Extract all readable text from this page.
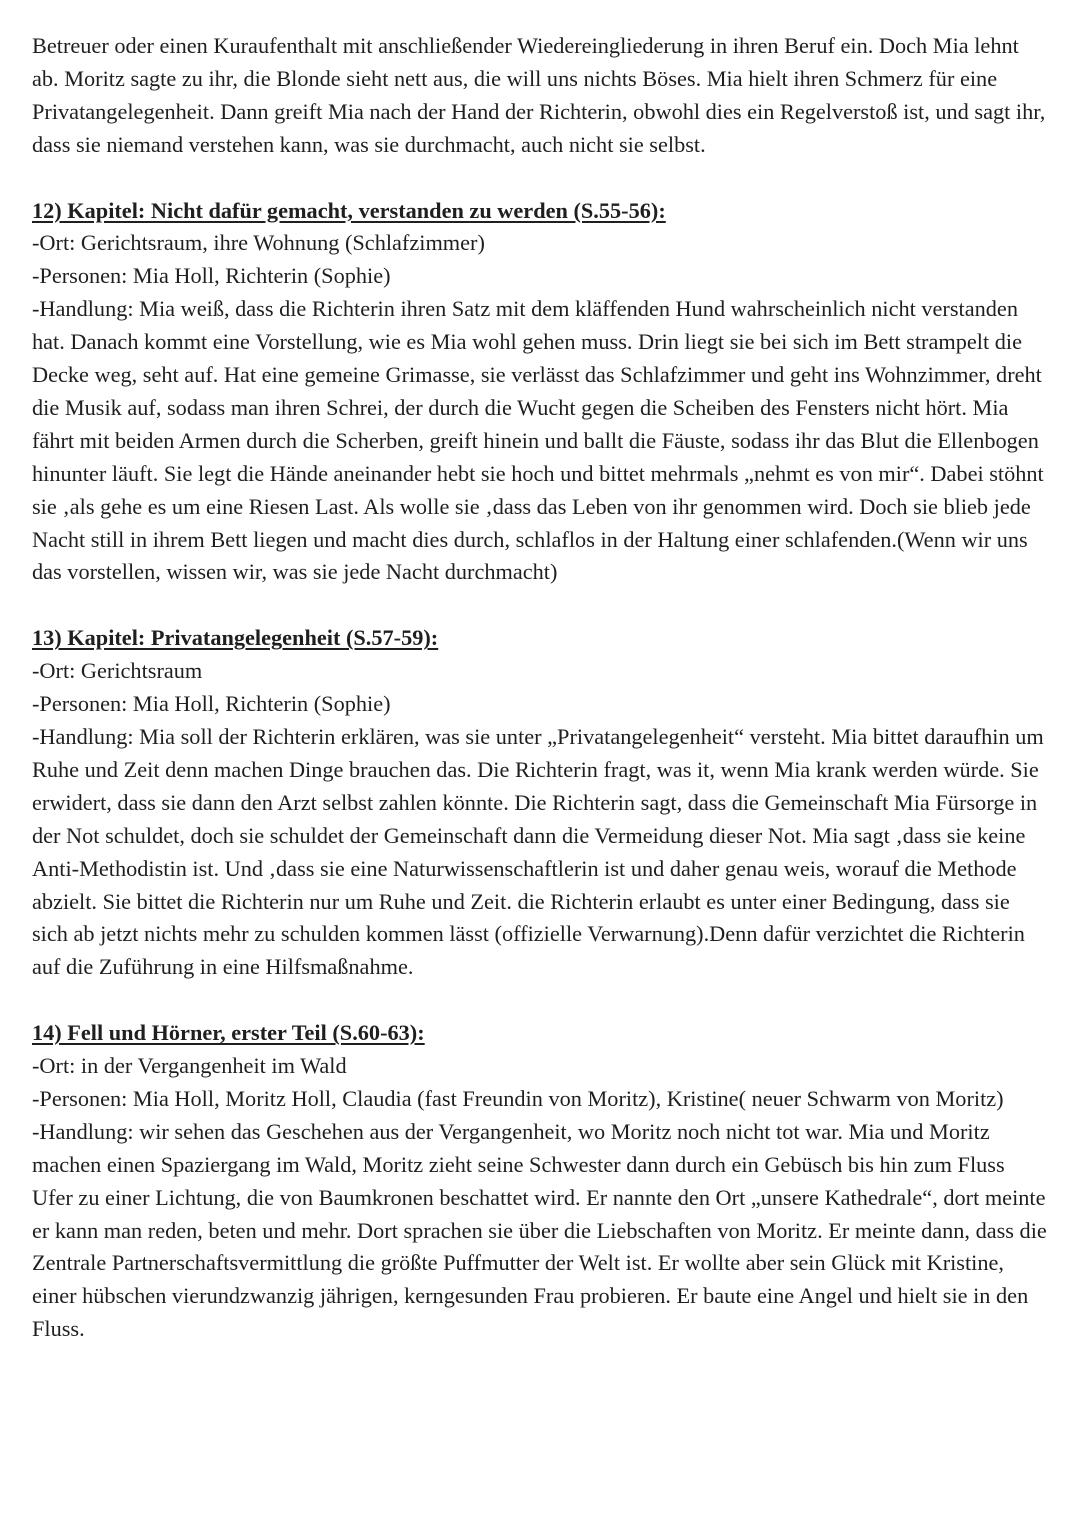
Betreuer oder einen Kuraufenthalt mit anschließender Wiedereingliederung in ihren Beruf ein. Doch Mia lehnt ab. Moritz sagte zu ihr, die Blonde sieht nett aus, die will uns nichts Böses. Mia hielt ihren Schmerz für eine Privatangelegenheit. Dann greift Mia nach der Hand der Richterin, obwohl dies ein Regelverstoß ist, und sagt ihr, dass sie niemand verstehen kann, was sie durchmacht, auch nicht sie selbst.

12) Kapitel: Nicht dafür gemacht, verstanden zu werden (S.55-56):

-Ort: Gerichtsraum, ihre Wohnung (Schlafzimmer)

-Personen: Mia Holl, Richterin (Sophie)

-Handlung: Mia weiß, dass die Richterin ihren Satz mit dem kläffenden Hund wahrscheinlich nicht verstanden hat. Danach kommt eine Vorstellung, wie es Mia wohl gehen muss. Drin liegt sie bei sich im Bett strampelt die Decke weg, seht auf. Hat eine gemeine Grimasse, sie verlässt das Schlafzimmer und geht ins Wohnzimmer, dreht die Musik auf, sodass man ihren Schrei, der durch die Wucht gegen die Scheiben des Fensters nicht hört. Mia fährt mit beiden Armen durch die Scherben, greift hinein und ballt die Fäuste, sodass ihr das Blut die Ellenbogen hinunter läuft. Sie legt die Hände aneinander hebt sie hoch und bittet mehrmals „nehmt es von mir“. Dabei stöhnt sie ‚als gehe es um eine Riesen Last. Als wolle sie ‚dass das Leben von ihr genommen wird. Doch sie blieb jede Nacht still in ihrem Bett liegen und macht dies durch, schlaflos in der Haltung einer schlafenden.(Wenn wir uns das vorstellen, wissen wir, was sie jede Nacht durchmacht)

13) Kapitel: Privatangelegenheit (S.57-59):

-Ort: Gerichtsraum

-Personen: Mia Holl, Richterin (Sophie)

-Handlung: Mia soll der Richterin erklären, was sie unter „Privatangelegenheit“ versteht. Mia bittet daraufhin um Ruhe und Zeit denn machen Dinge brauchen das. Die Richterin fragt, was it, wenn Mia krank werden würde. Sie erwidert, dass sie dann den Arzt selbst zahlen könnte. Die Richterin sagt, dass die Gemeinschaft Mia Fürsorge in der Not schuldet, doch sie schuldet der Gemeinschaft dann die Vermeidung dieser Not. Mia sagt ‚dass sie keine Anti-Methodistin ist. Und ‚dass sie eine Naturwissenschaftlerin ist und daher genau weis, worauf die Methode abzielt. Sie bittet die Richterin nur um Ruhe und Zeit. die Richterin erlaubt es unter einer Bedingung, dass sie sich ab jetzt nichts mehr zu schulden kommen lässt (offizielle Verwarnung).Denn dafür verzichtet die Richterin auf die Zuführung in eine Hilfsmaßnahme.

14) Fell und Hörner, erster Teil (S.60-63):

-Ort: in der Vergangenheit im Wald

-Personen: Mia Holl, Moritz Holl, Claudia (fast Freundin von Moritz), Kristine( neuer Schwarm von Moritz)

-Handlung: wir sehen das Geschehen aus der Vergangenheit, wo Moritz noch nicht tot war. Mia und Moritz machen einen Spaziergang im Wald, Moritz zieht seine Schwester dann durch ein Gebüsch bis hin zum Fluss Ufer zu einer Lichtung, die von Baumkronen beschattet wird. Er nannte den Ort „unsere Kathedrale“, dort meinte er kann man reden, beten und mehr. Dort sprachen sie über die Liebschaften von Moritz. Er meinte dann, dass die Zentrale Partnerschaftsvermittlung die größte Puffmutter der Welt ist. Er wollte aber sein Glück mit Kristine, einer hübschen vierundzwanzig jährigen, kerngesunden Frau probieren. Er baute eine Angel und hielt sie in den Fluss.
